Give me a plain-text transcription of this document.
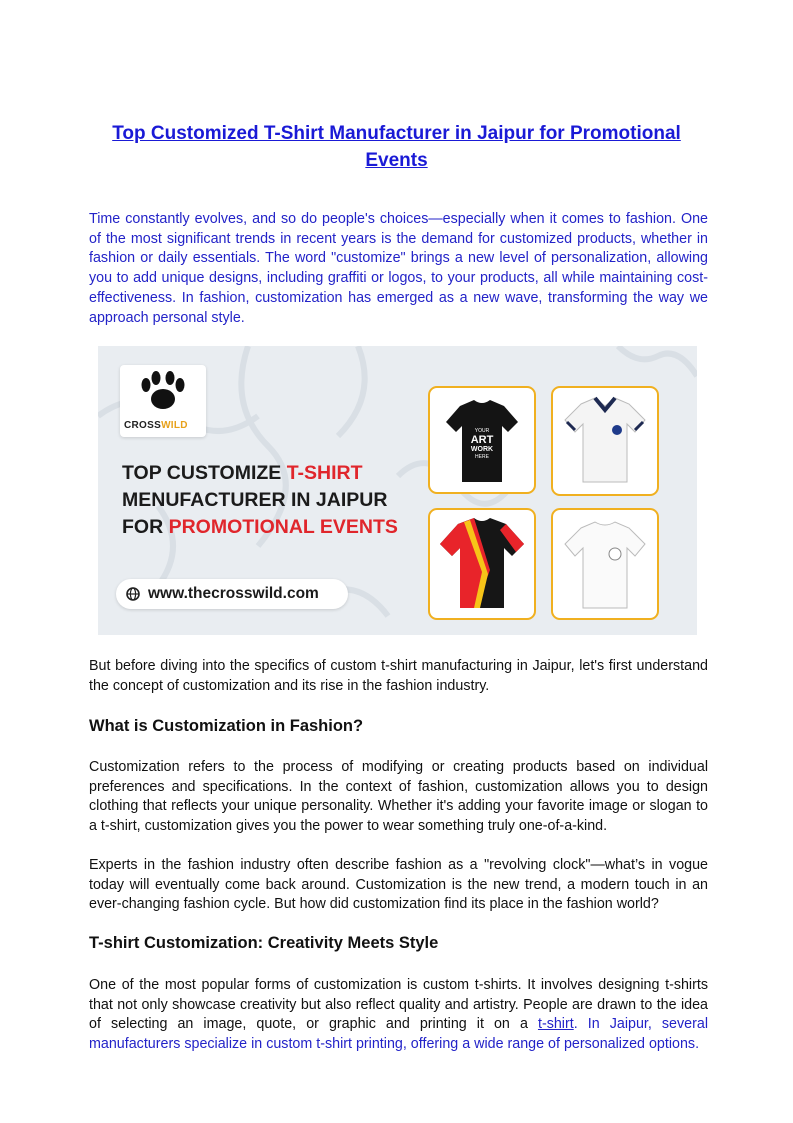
Top Customized T-Shirt Manufacturer in Jaipur for Promotional Events

Time constantly evolves, and so do people's choices—especially when it comes to fashion. One of the most significant trends in recent years is the demand for customized products, whether in fashion or daily essentials. The word "customize" brings a new level of personalization, allowing you to add unique designs, including graffiti or logos, to your products, all while maintaining cost-effectiveness. In fashion, customization has emerged as a new wave, transforming the way we approach personal style.

CROSSWILD
TOP CUSTOMIZE T-SHIRT
MENUFACTURER IN JAIPUR
FOR PROMOTIONAL EVENTS
www.thecrosswild.com
YOUR
ART
WORK
HERE

But before diving into the specifics of custom t-shirt manufacturing in Jaipur, let's first understand the concept of customization and its rise in the fashion industry.

What is Customization in Fashion?

Customization refers to the process of modifying or creating products based on individual preferences and specifications. In the context of fashion, customization allows you to design clothing that reflects your unique personality. Whether it's adding your favorite image or slogan to a t-shirt, customization gives you the power to wear something truly one-of-a-kind.

Experts in the fashion industry often describe fashion as a "revolving clock"—what’s in vogue today will eventually come back around. Customization is the new trend, a modern touch in an ever-changing fashion cycle. But how did customization find its place in the fashion world?

T-shirt Customization: Creativity Meets Style

One of the most popular forms of customization is custom t-shirts. It involves designing t-shirts that not only showcase creativity but also reflect quality and artistry. People are drawn to the idea of selecting an image, quote, or graphic and printing it on a t-shirt. In Jaipur, several manufacturers specialize in custom t-shirt printing, offering a wide range of personalized options.
